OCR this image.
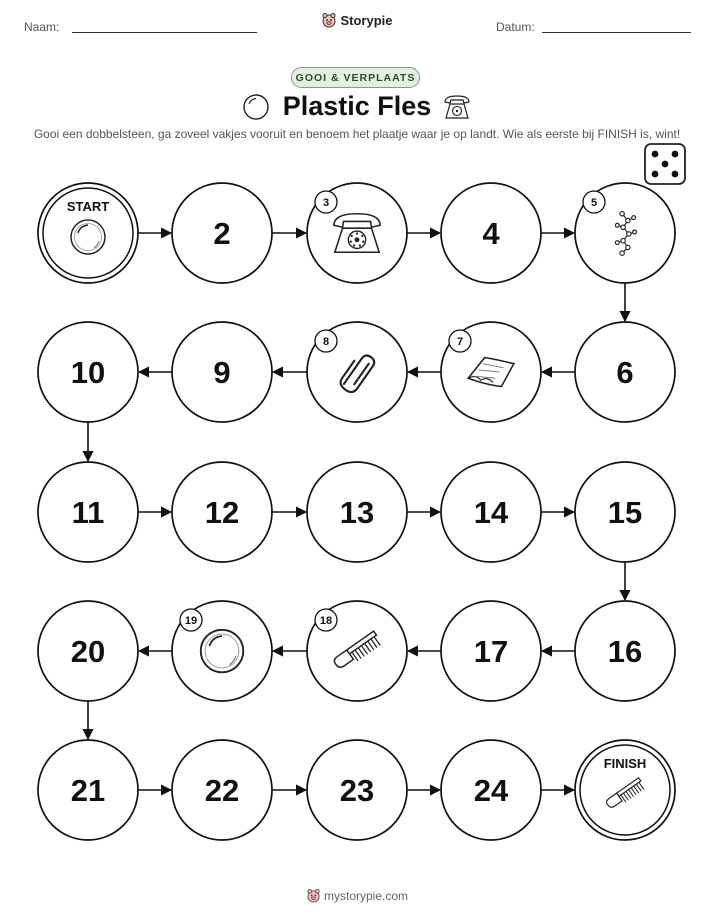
Naam:	Storypie	Datum:
GOOI & VERPLAATS
Plastic Fles
Gooi een dobbelsteen, ga zoveel vakjes vooruit en benoem het plaatje waar je op landt. Wie als eerste bij FINISH is, wint!
START
2
3
4
5
6
7
8
9
10
11	12	13	14	15
16
17
18
19
20
21	22	23	24
FINISH
mystorypie.com
